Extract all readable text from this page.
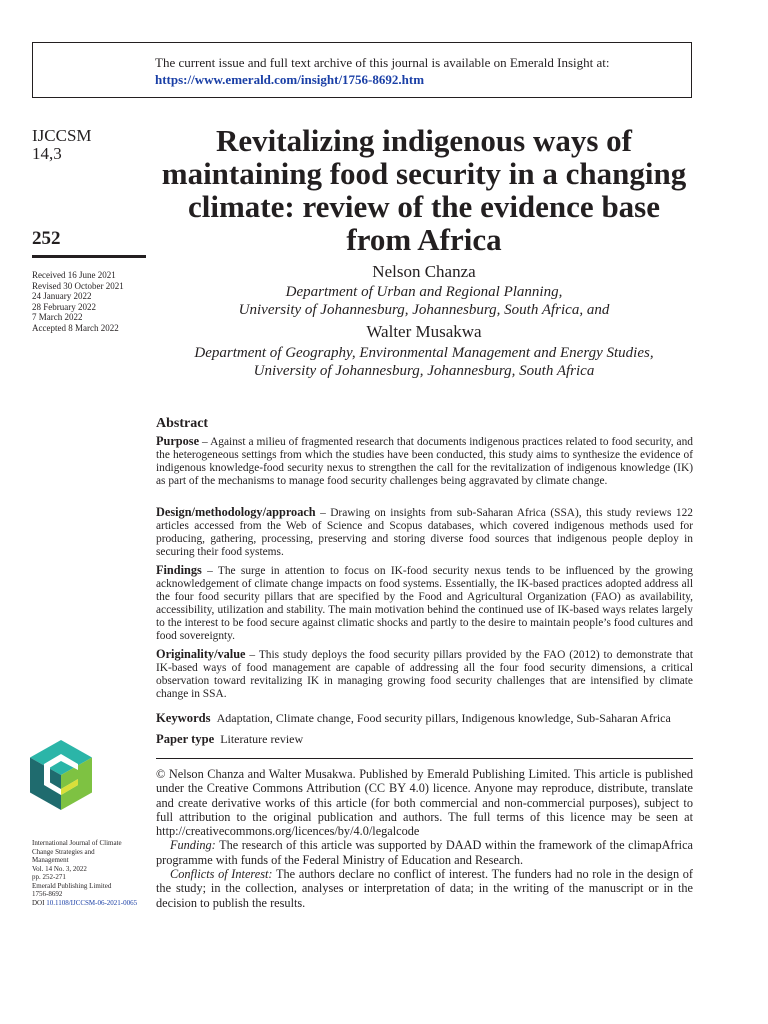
The current issue and full text archive of this journal is available on Emerald Insight at:
https://www.emerald.com/insight/1756-8692.htm
IJCCSM
14,3
252
Received 16 June 2021
Revised 30 October 2021
24 January 2022
28 February 2022
7 March 2022
Accepted 8 March 2022
Revitalizing indigenous ways of maintaining food security in a changing climate: review of the evidence base from Africa
Nelson Chanza
Department of Urban and Regional Planning,
University of Johannesburg, Johannesburg, South Africa, and
Walter Musakwa
Department of Geography, Environmental Management and Energy Studies,
University of Johannesburg, Johannesburg, South Africa
Abstract
Purpose – Against a milieu of fragmented research that documents indigenous practices related to food security, and the heterogeneous settings from which the studies have been conducted, this study aims to synthesize the evidence of indigenous knowledge-food security nexus to strengthen the call for the revitalization of indigenous knowledge (IK) as part of the mechanisms to manage food security challenges being aggravated by climate change.
Design/methodology/approach – Drawing on insights from sub-Saharan Africa (SSA), this study reviews 122 articles accessed from the Web of Science and Scopus databases, which covered indigenous methods used for producing, gathering, processing, preserving and storing diverse food sources that indigenous people deploy in securing their food systems.
Findings – The surge in attention to focus on IK-food security nexus tends to be influenced by the growing acknowledgement of climate change impacts on food systems. Essentially, the IK-based practices adopted address all the four food security pillars that are specified by the Food and Agricultural Organization (FAO) as availability, accessibility, utilization and stability. The main motivation behind the continued use of IK-based ways relates largely to the interest to be food secure against climatic shocks and partly to the desire to maintain people’s food cultures and food sovereignty.
Originality/value – This study deploys the food security pillars provided by the FAO (2012) to demonstrate that IK-based ways of food management are capable of addressing all the four food security dimensions, a critical observation toward revitalizing IK in managing growing food security challenges that are intensified by climate change in SSA.
Keywords Adaptation, Climate change, Food security pillars, Indigenous knowledge, Sub-Saharan Africa
Paper type Literature review

© Nelson Chanza and Walter Musakwa. Published by Emerald Publishing Limited. This article is published under the Creative Commons Attribution (CC BY 4.0) licence. Anyone may reproduce, distribute, translate and create derivative works of this article (for both commercial and non-commercial purposes), subject to full attribution to the original publication and authors. The full terms of this licence may be seen at http://creativecommons.org/licences/by/4.0/legalcode

Funding: The research of this article was supported by DAAD within the framework of the climapAfrica programme with funds of the Federal Ministry of Education and Research.

Conflicts of Interest: The authors declare no conflict of interest. The funders had no role in the design of the study; in the collection, analyses or interpretation of data; in the writing of the manuscript or in the decision to publish the results.

International Journal of Climate
Change Strategies and
Management
Vol. 14 No. 3, 2022
pp. 252-271
Emerald Publishing Limited
1756-8692
DOI 10.1108/IJCCSM-06-2021-0065
